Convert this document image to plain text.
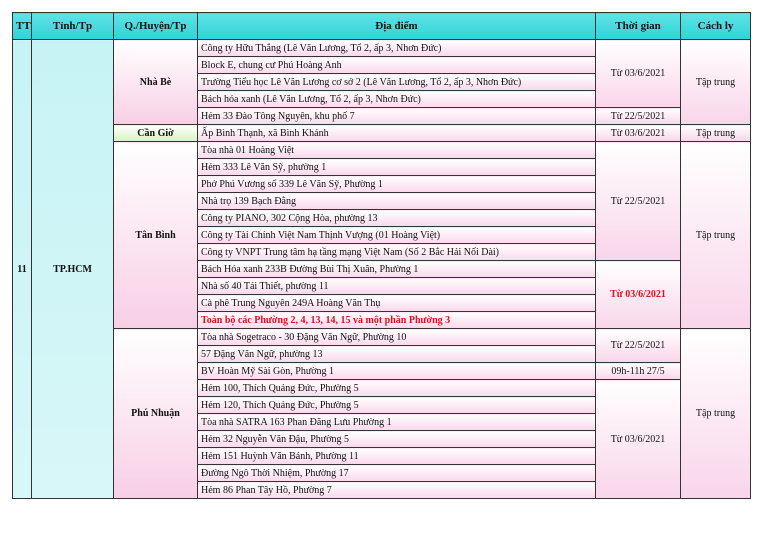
TT	Tỉnh/Tp	Q./Huyện/Tp	Địa điểm	Thời gian	Cách ly
11	TP.HCM	Nhà Bè	Công ty Hữu Thắng (Lê Văn Lương, Tổ 2, ấp 3, Nhơn Đức)	Từ 03/6/2021	Tập trung
			Block E, chung cư Phú Hoàng Anh		
			Trường Tiểu học Lê Văn Lương cơ sở 2 (Lê Văn Lương, Tổ 2, ấp 3, Nhơn Đức)		
			Bách hóa xanh (Lê Văn Lương, Tổ 2, ấp 3, Nhơn Đức)		
			Hẻm 33 Đào Tông Nguyên, khu phố 7	Từ 22/5/2021	
		Cần Giờ	Ấp Bình Thạnh, xã Bình Khánh	Từ 03/6/2021	Tập trung
		Tân Bình	Tòa nhà 01 Hoàng Việt	Từ 22/5/2021	Tập trung
			Hẻm 333 Lê Văn Sỹ, phường 1		
			Phở Phú Vương số 339 Lê Văn Sỹ, Phường 1		
			Nhà trọ 139 Bạch Đằng		
			Công ty PIANO, 302 Cộng Hòa, phường 13		
			Công ty Tài Chính Việt Nam Thịnh Vượng (01 Hoàng Việt)		
			Công ty VNPT Trung tâm hạ tầng mạng Việt Nam (Số 2 Bắc Hải Nối Dài)		
			Bách Hóa xanh 233B Đường Bùi Thị Xuân, Phường 1	Từ 03/6/2021	
			Nhà số 40 Tái Thiết, phường 11		
			Cà phê Trung Nguyên 249A Hoàng Văn Thụ		
			Toàn bộ các Phường 2, 4, 13, 14, 15 và một phần Phường 3		
		Phú Nhuận	Tòa nhà Sogetraco - 30 Đặng Văn Ngữ, Phường 10	Từ 22/5/2021	Tập trung
			57 Đặng Văn Ngữ, phường 13		
			BV Hoàn Mỹ Sài Gòn, Phường 1	09h-11h 27/5	
			Hẻm 100, Thích Quảng Đức, Phường 5	Từ 03/6/2021	
			Hẻm 120, Thích Quảng Đức, Phường 5		
			Tòa nhà SATRA 163 Phan Đăng Lưu Phường 1		
			Hẻm 32 Nguyễn Văn Đậu, Phường 5		
			Hẻm 151 Huỳnh Văn Bánh, Phường 11		
			Đường Ngô Thời Nhiệm, Phường 17		
			Hẻm 86 Phan Tây Hồ, Phường 7		
